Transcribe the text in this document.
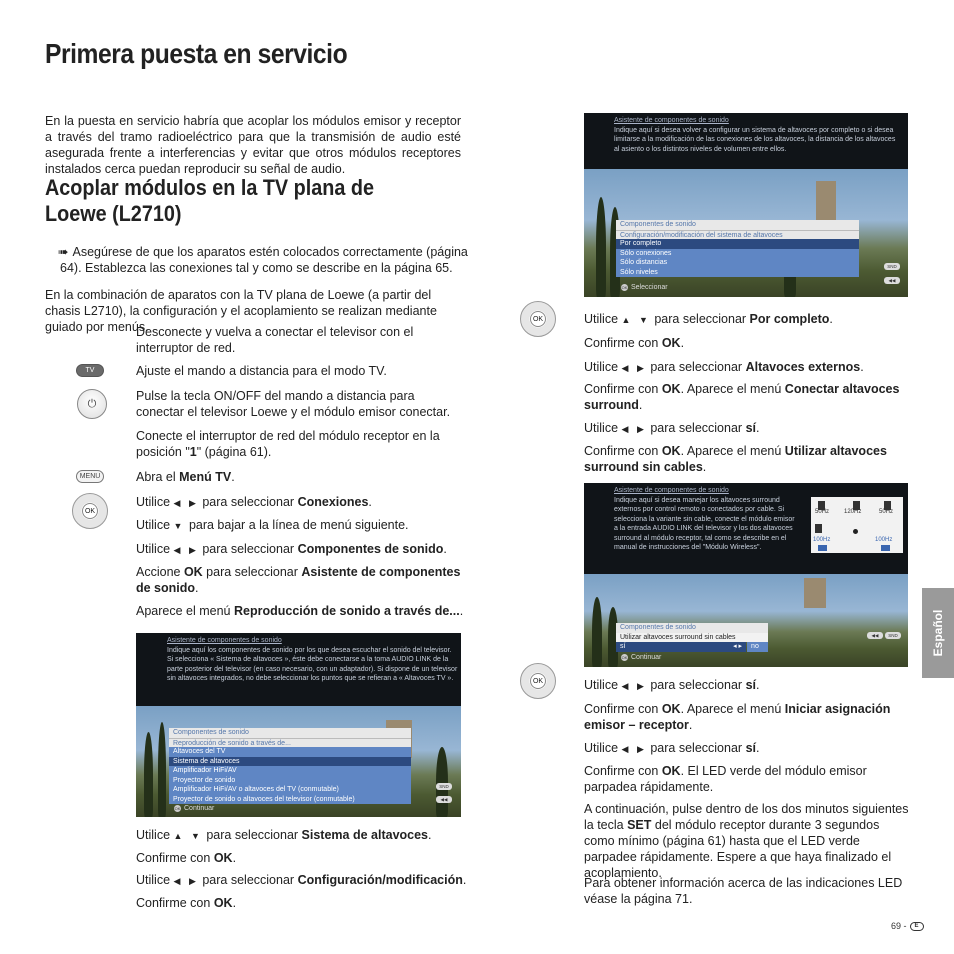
Primera puesta en servicio
En la puesta en servicio habría que acoplar los módulos emisor y receptor a través del tramo radioeléctrico para que la transmisión de audio esté asegurada frente a interferencias y evitar que otros módulos receptores instalados cerca puedan reproducir su señal de audio.
Acoplar módulos en la TV plana de Loewe (L2710)
➠ Asegúrese de que los aparatos estén colocados correctamente (página 64). Establezca las conexiones tal y como se describe en la página 65.
En la combinación de aparatos con la TV plana de Loewe (a partir del chasis L2710), la configuración y el acoplamiento se realizan mediante guiado por menús.
Desconecte y vuelva a conectar el televisor con el interruptor de red.
TV	Ajuste el mando a distancia para el modo TV.
⏻
Pulse la tecla ON/OFF del mando a distancia para conectar el televisor Loewe y el módulo emisor conectar.
Conecte el interruptor de red del módulo receptor en la posición "1" (página 61).
MENU	Abra el Menú TV.
OK
Utilice ◀ ▶ para seleccionar Conexiones.
Utilice ▼ para bajar a la línea de menú siguiente.
Utilice ◀ ▶ para seleccionar Componentes de sonido.
Accione OK para seleccionar Asistente de componentes de sonido.
Aparece el menú Reproducción de sonido a través de....
Asistente de componentes de sonido
Indique aquí los componentes de sonido por los que desea escuchar el sonido del televisor. Si selecciona « Sistema de altavoces », éste debe conectarse a la toma AUDIO LINK de la parte posterior del televisor (en caso necesario, con un adaptador). Si dispone de un televisor sin altavoces integrados, no debe seleccionar los puntos que se refieran a « Altavoces TV ».
Componentes de sonido
Reproducción de sonido a través de...
Altavoces del TV
Sistema de altavoces
Amplificador HiFi/AV
Proyector de sonido
Amplificador HiFi/AV o altavoces del TV (conmutable)
Proyector de sonido o altavoces del televisor (conmutable)
SND
◀◀
OK Continuar
Utilice ▲ ▼ para seleccionar Sistema de altavoces.
Confirme con OK.
Utilice ◀ ▶ para seleccionar Configuración/modificación.
Confirme con OK.
Asistente de componentes de sonido
Indique aquí si desea volver a configurar un sistema de altavoces por completo o si desea limitarse a la modificación de las conexiones de los altavoces, la distancia de los altavoces al asiento o los distintos niveles de volumen entre ellos.
Componentes de sonido
Configuración/modificación del sistema de altavoces
Por completo
Sólo conexiones
Sólo distancias
Sólo niveles
SND
◀◀
OK Seleccionar
OK	Utilice ▲ ▼ para seleccionar Por completo.
Confirme con OK.
Utilice ◀ ▶ para seleccionar Altavoces externos.
Confirme con OK. Aparece el menú Conectar altavoces surround.
Utilice ◀ ▶ para seleccionar sí.
Confirme con OK. Aparece el menú Utilizar altavoces surround sin cables.
Asistente de componentes de sonido
Indique aquí si desea manejar los altavoces surround externos por control remoto o conectados por cable. Si selecciona la variante sin cable, conecte el módulo emisor a la entrada AUDIO LINK del televisor y los dos altavoces surround al módulo receptor, tal como se describe en el manual de instrucciones del "Módulo Wireless".
50Hz 120Hz	50Hz
100Hz	100Hz
Componentes de sonido
Utilizar altavoces surround sin cables
sí	◂ ▸	no
◀◀	SND
OK Continuar
OK	Utilice ◀ ▶ para seleccionar sí.
Confirme con OK. Aparece el menú Iniciar asignación emisor – receptor.
Utilice ◀ ▶ para seleccionar sí.
Confirme con OK. El LED verde del módulo emisor parpadea rápidamente.
A continuación, pulse dentro de los dos minutos siguientes la tecla SET del módulo receptor durante 3 segundos como mínimo (página 61) hasta que el LED verde parpadee rápidamente. Espere a que haya finalizado el acoplamiento.
Para obtener información acerca de las indicaciones LED véase la página 71.
Español
69 -	E
